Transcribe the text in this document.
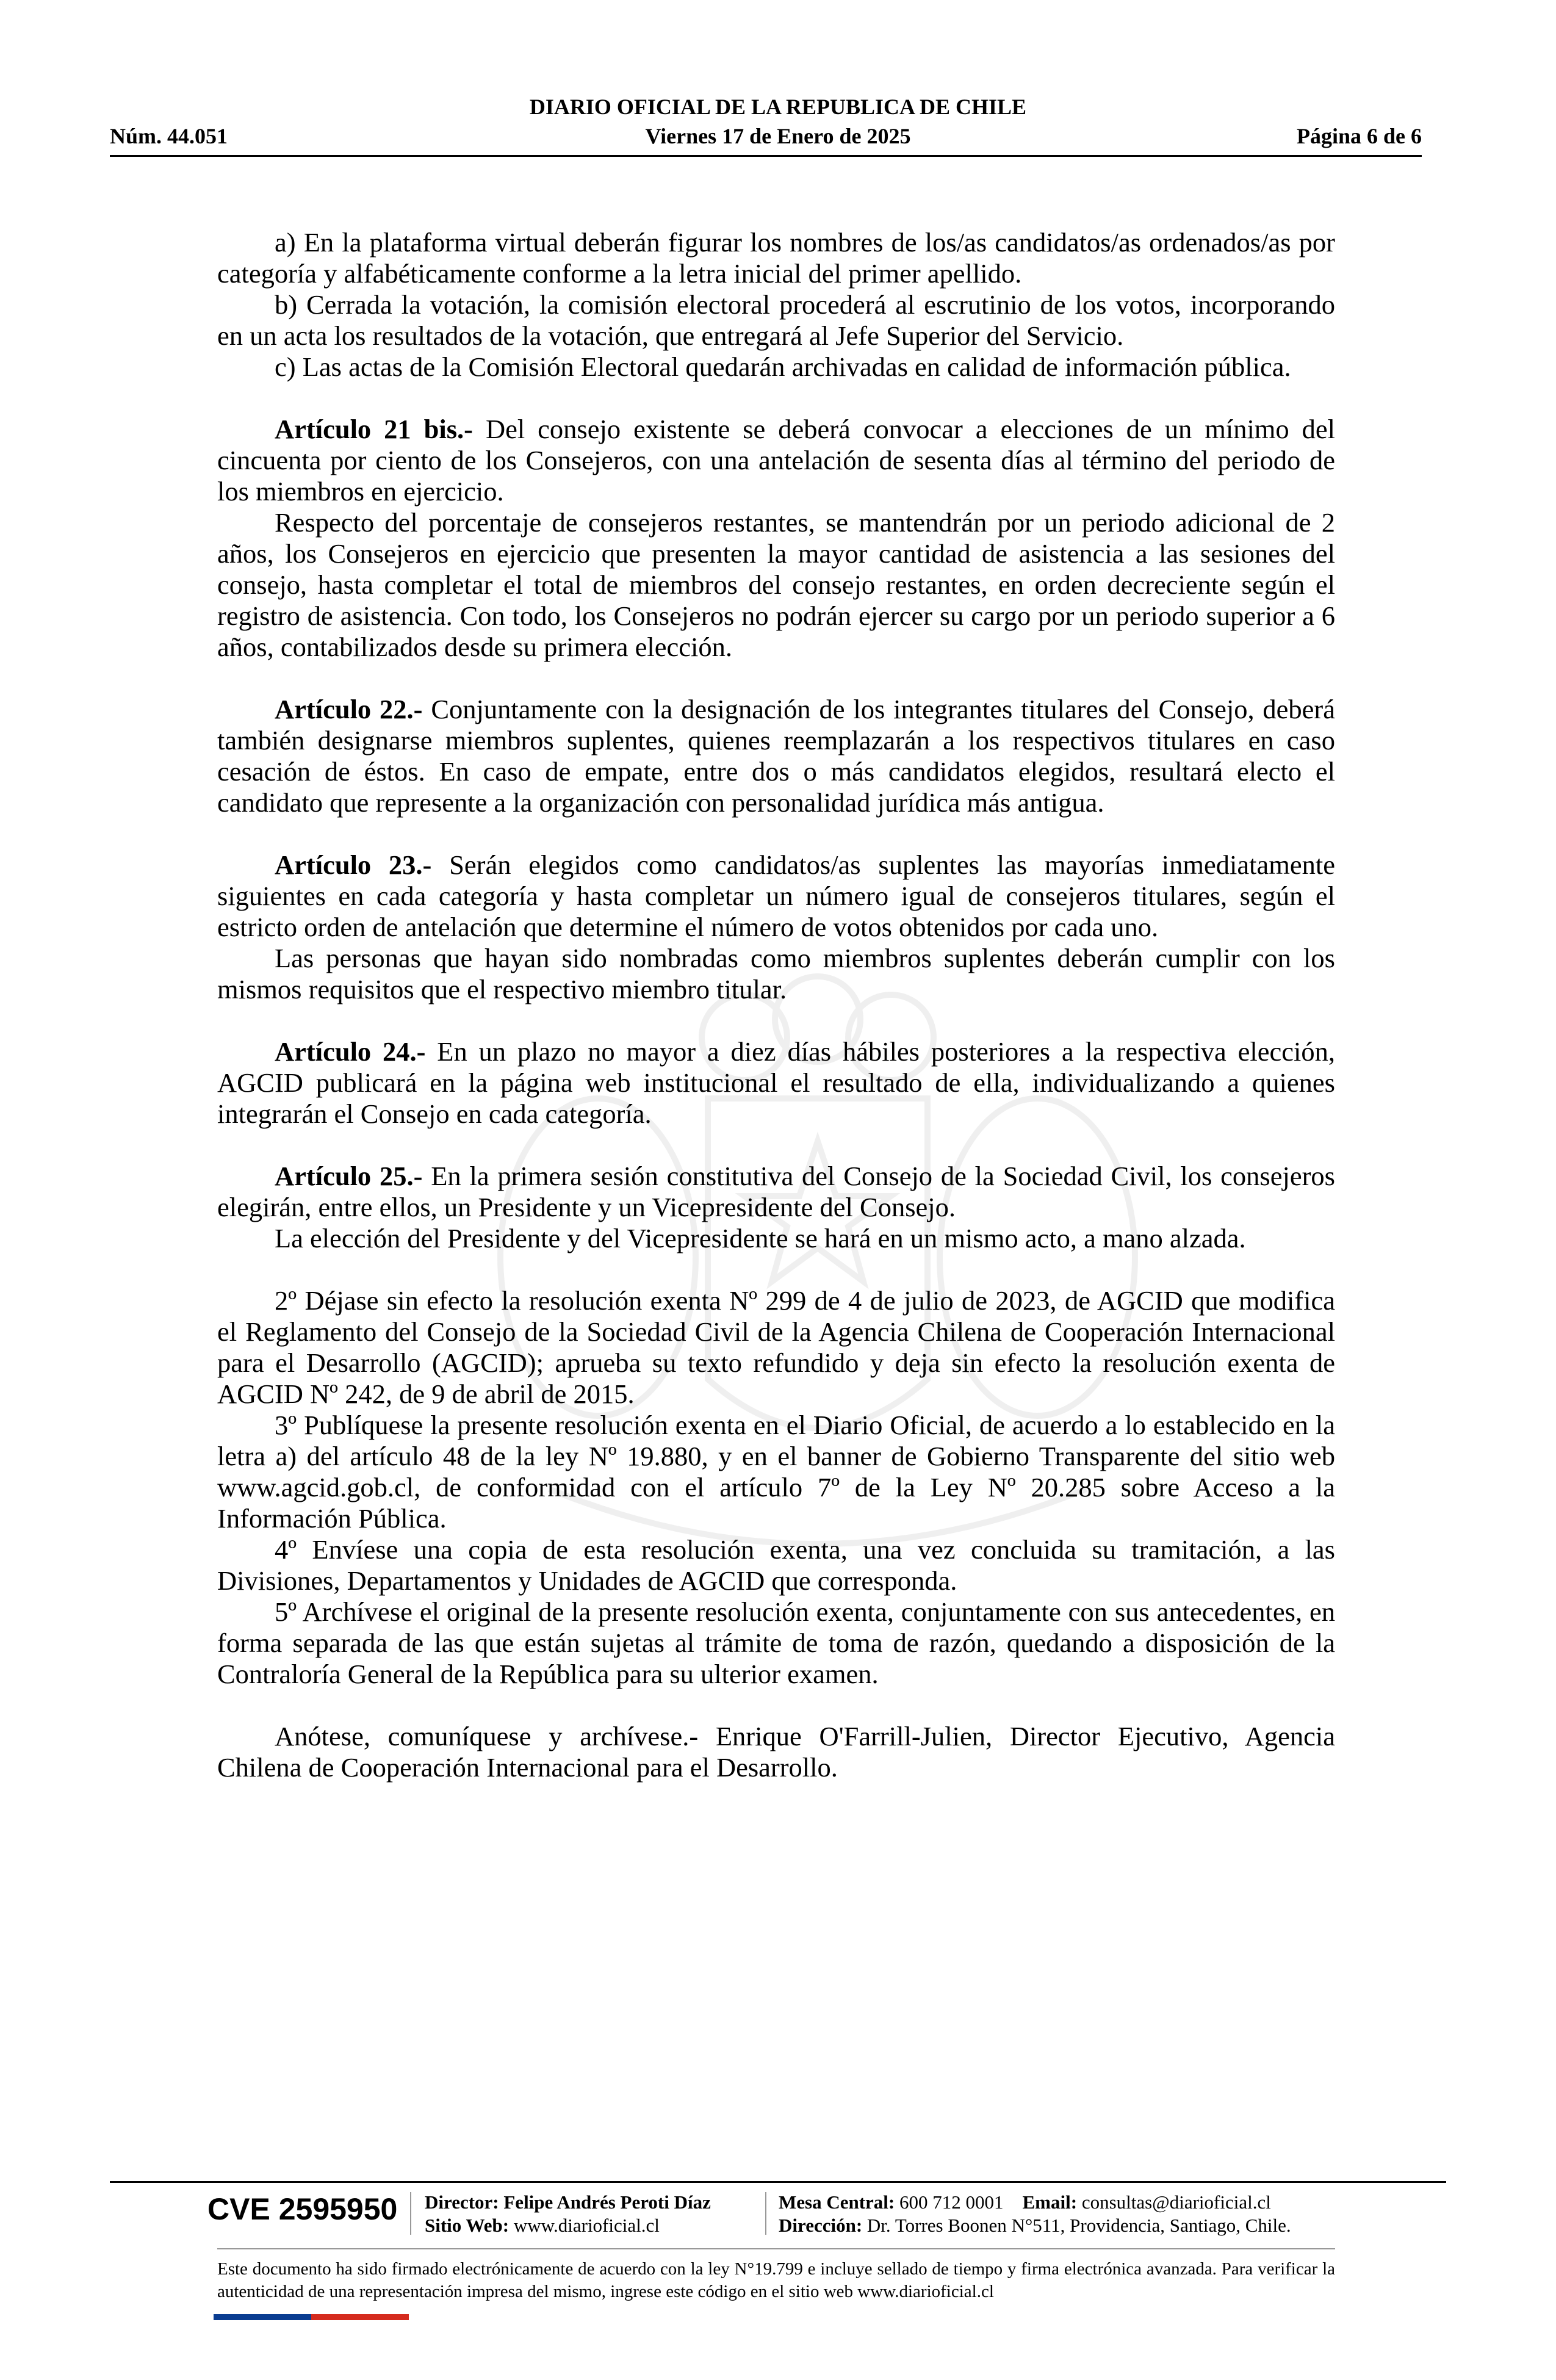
DIARIO OFICIAL DE LA REPUBLICA DE CHILE
Núm. 44.051	Viernes 17 de Enero de 2025	Página 6 de 6

a) En la plataforma virtual deberán figurar los nombres de los/as candidatos/as ordenados/as por categoría y alfabéticamente conforme a la letra inicial del primer apellido.

b) Cerrada la votación, la comisión electoral procederá al escrutinio de los votos, incorporando en un acta los resultados de la votación, que entregará al Jefe Superior del Servicio.

c) Las actas de la Comisión Electoral quedarán archivadas en calidad de información pública.

Artículo 21 bis.- Del consejo existente se deberá convocar a elecciones de un mínimo del cincuenta por ciento de los Consejeros, con una antelación de sesenta días al término del periodo de los miembros en ejercicio.

Respecto del porcentaje de consejeros restantes, se mantendrán por un periodo adicional de 2 años, los Consejeros en ejercicio que presenten la mayor cantidad de asistencia a las sesiones del consejo, hasta completar el total de miembros del consejo restantes, en orden decreciente según el registro de asistencia. Con todo, los Consejeros no podrán ejercer su cargo por un periodo superior a 6 años, contabilizados desde su primera elección.

Artículo 22.- Conjuntamente con la designación de los integrantes titulares del Consejo, deberá también designarse miembros suplentes, quienes reemplazarán a los respectivos titulares en caso cesación de éstos. En caso de empate, entre dos o más candidatos elegidos, resultará electo el candidato que represente a la organización con personalidad jurídica más antigua.

Artículo 23.- Serán elegidos como candidatos/as suplentes las mayorías inmediatamente siguientes en cada categoría y hasta completar un número igual de consejeros titulares, según el estricto orden de antelación que determine el número de votos obtenidos por cada uno.

Las personas que hayan sido nombradas como miembros suplentes deberán cumplir con los mismos requisitos que el respectivo miembro titular.

Artículo 24.- En un plazo no mayor a diez días hábiles posteriores a la respectiva elección, AGCID publicará en la página web institucional el resultado de ella, individualizando a quienes integrarán el Consejo en cada categoría.

Artículo 25.- En la primera sesión constitutiva del Consejo de la Sociedad Civil, los consejeros elegirán, entre ellos, un Presidente y un Vicepresidente del Consejo.

La elección del Presidente y del Vicepresidente se hará en un mismo acto, a mano alzada.

2º Déjase sin efecto la resolución exenta Nº 299 de 4 de julio de 2023, de AGCID que modifica el Reglamento del Consejo de la Sociedad Civil de la Agencia Chilena de Cooperación Internacional para el Desarrollo (AGCID); aprueba su texto refundido y deja sin efecto la resolución exenta de AGCID Nº 242, de 9 de abril de 2015.

3º Publíquese la presente resolución exenta en el Diario Oficial, de acuerdo a lo establecido en la letra a) del artículo 48 de la ley Nº 19.880, y en el banner de Gobierno Transparente del sitio web www.agcid.gob.cl, de conformidad con el artículo 7º de la Ley Nº 20.285 sobre Acceso a la Información Pública.

4º Envíese una copia de esta resolución exenta, una vez concluida su tramitación, a las Divisiones, Departamentos y Unidades de AGCID que corresponda.

5º Archívese el original de la presente resolución exenta, conjuntamente con sus antecedentes, en forma separada de las que están sujetas al trámite de toma de razón, quedando a disposición de la Contraloría General de la República para su ulterior examen.

Anótese, comuníquese y archívese.- Enrique O'Farrill-Julien, Director Ejecutivo, Agencia Chilena de Cooperación Internacional para el Desarrollo.

CVE 2595950 Director: Felipe Andrés Peroti Díaz
Sitio Web: www.diarioficial.cl
Mesa Central: 600 712 0001 Email: consultas@diarioficial.cl
Dirección: Dr. Torres Boonen N°511, Providencia, Santiago, Chile.
Este documento ha sido firmado electrónicamente de acuerdo con la ley N°19.799 e incluye sellado de tiempo y firma electrónica avanzada. Para verificar la autenticidad de una representación impresa del mismo, ingrese este código en el sitio web www.diarioficial.cl
